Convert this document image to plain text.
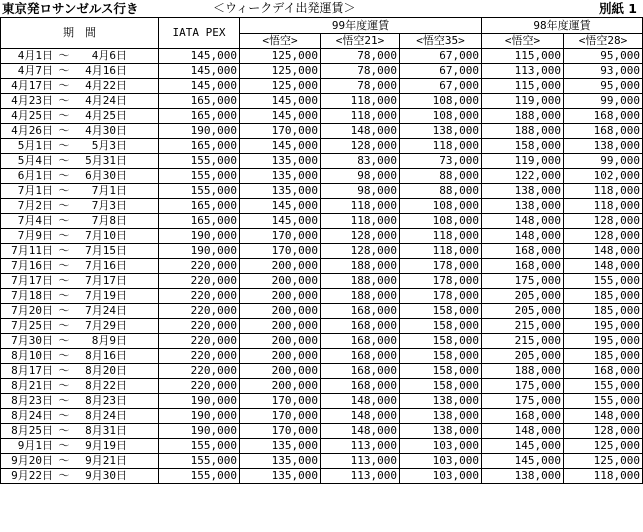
東京発ロサンゼルス行き	＜ウィークデイ出発運賃＞	別紙 1
期　間	IATA PEX	99年度運賃			98年度運賃	
		<悟空>	<悟空21>	<悟空35>	<悟空>	<悟空28>
4月1日 ～ 4月6日	145,000	125,000	78,000	67,000	115,000	95,000
4月7日 ～ 4月16日	145,000	125,000	78,000	67,000	113,000	93,000
4月17日 ～ 4月22日	145,000	125,000	78,000	67,000	115,000	95,000
4月23日 ～ 4月24日	165,000	145,000	118,000	108,000	119,000	99,000
4月25日 ～ 4月25日	165,000	145,000	118,000	108,000	188,000	168,000
4月26日 ～ 4月30日	190,000	170,000	148,000	138,000	188,000	168,000
5月1日 ～ 5月3日	165,000	145,000	128,000	118,000	158,000	138,000
5月4日 ～ 5月31日	155,000	135,000	83,000	73,000	119,000	99,000
6月1日 ～ 6月30日	155,000	135,000	98,000	88,000	122,000	102,000
7月1日 ～ 7月1日	155,000	135,000	98,000	88,000	138,000	118,000
7月2日 ～ 7月3日	165,000	145,000	118,000	108,000	138,000	118,000
7月4日 ～ 7月8日	165,000	145,000	118,000	108,000	148,000	128,000
7月9日 ～ 7月10日	190,000	170,000	128,000	118,000	148,000	128,000
7月11日 ～ 7月15日	190,000	170,000	128,000	118,000	168,000	148,000
7月16日 ～ 7月16日	220,000	200,000	188,000	178,000	168,000	148,000
7月17日 ～ 7月17日	220,000	200,000	188,000	178,000	175,000	155,000
7月18日 ～ 7月19日	220,000	200,000	188,000	178,000	205,000	185,000
7月20日 ～ 7月24日	220,000	200,000	168,000	158,000	205,000	185,000
7月25日 ～ 7月29日	220,000	200,000	168,000	158,000	215,000	195,000
7月30日 ～ 8月9日	220,000	200,000	168,000	158,000	215,000	195,000
8月10日 ～ 8月16日	220,000	200,000	168,000	158,000	205,000	185,000
8月17日 ～ 8月20日	220,000	200,000	168,000	158,000	188,000	168,000
8月21日 ～ 8月22日	220,000	200,000	168,000	158,000	175,000	155,000
8月23日 ～ 8月23日	190,000	170,000	148,000	138,000	175,000	155,000
8月24日 ～ 8月24日	190,000	170,000	148,000	138,000	168,000	148,000
8月25日 ～ 8月31日	190,000	170,000	148,000	138,000	148,000	128,000
9月1日 ～ 9月19日	155,000	135,000	113,000	103,000	145,000	125,000
9月20日 ～ 9月21日	155,000	135,000	113,000	103,000	145,000	125,000
9月22日 ～ 9月30日	155,000	135,000	113,000	103,000	138,000	118,000
